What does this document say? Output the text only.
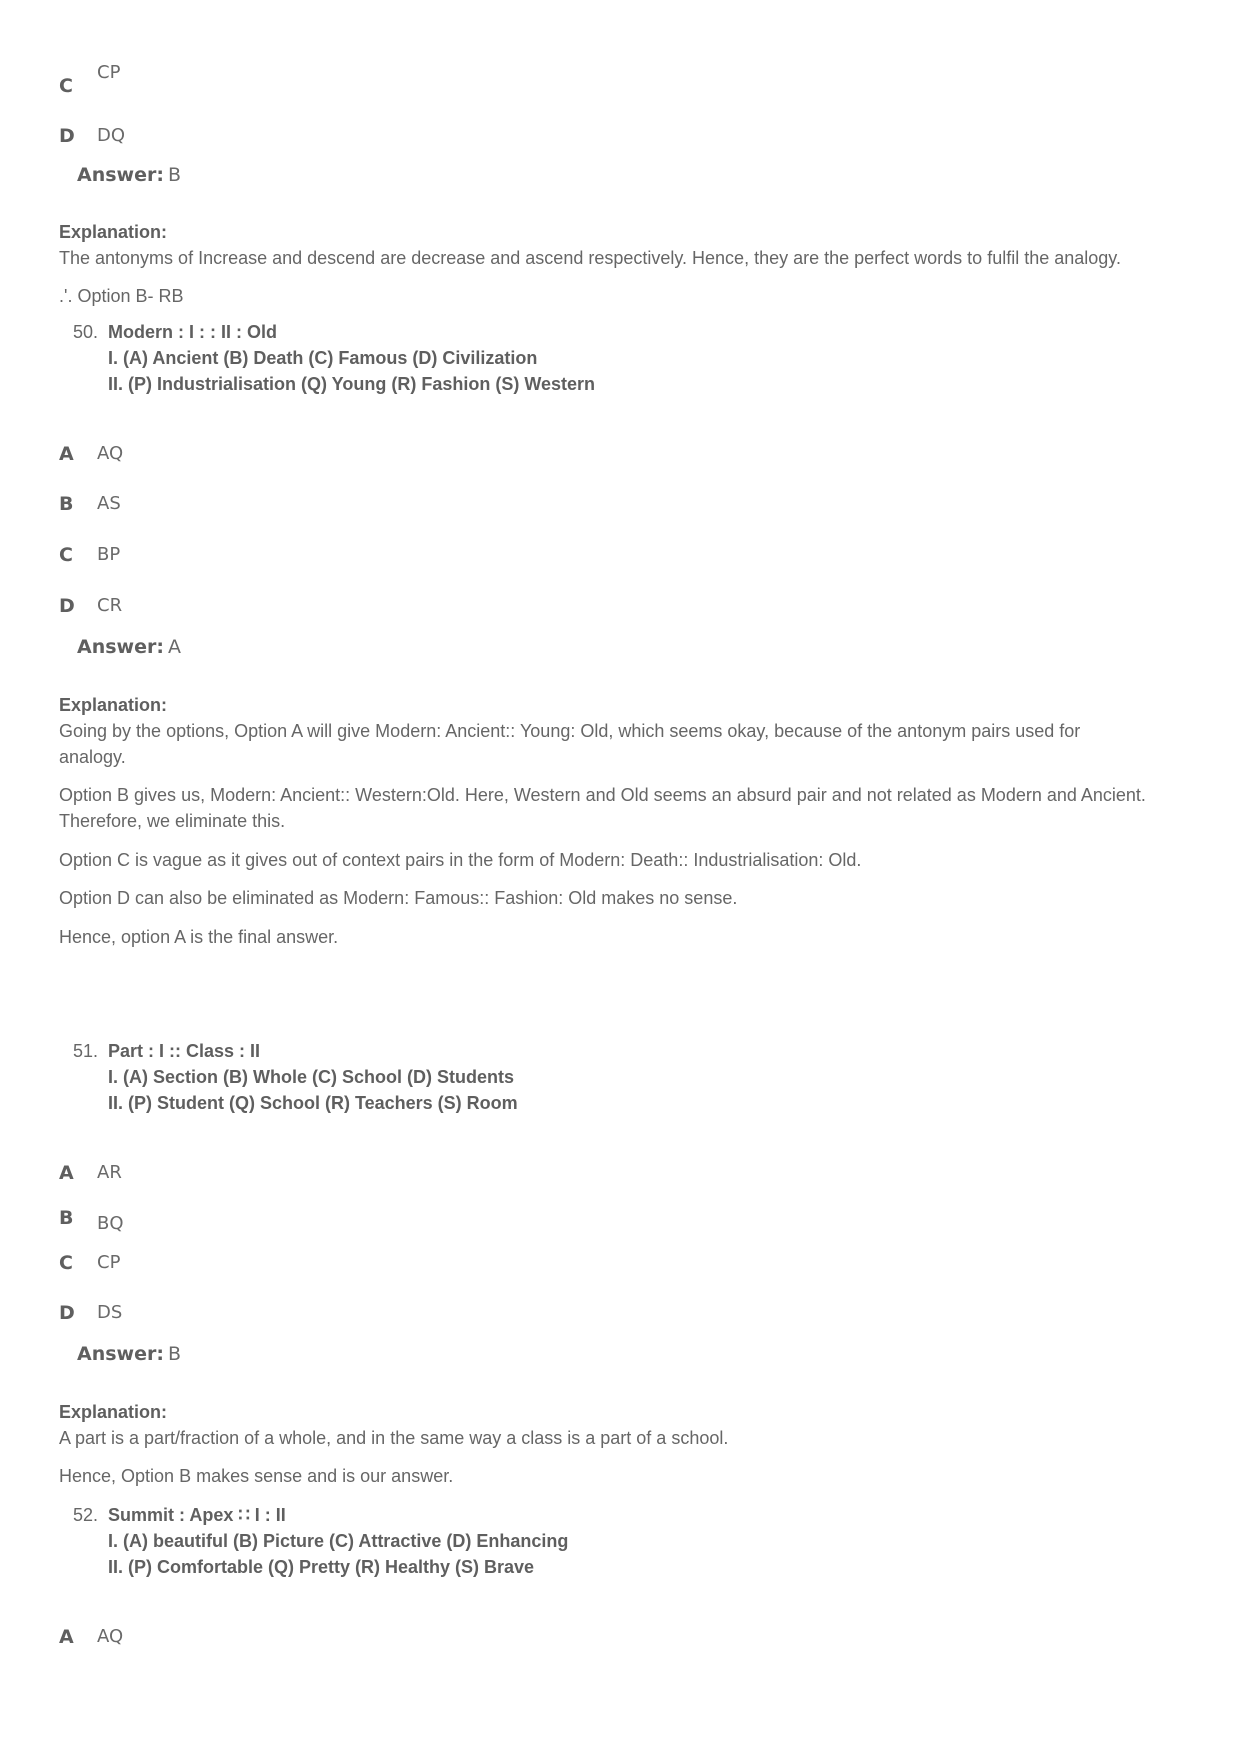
C
CP
D DQ
Answer: B
Explanation:
The antonyms of Increase and descend are decrease and ascend respectively. Hence, they are the perfect words to fulfil the analogy.
.'. Option B- RB
50. Modern : I : : II : Old
I. (A) Ancient (B) Death (C) Famous (D) Civilization
II. (P) Industrialisation (Q) Young (R) Fashion (S) Western
A AQ
B AS
C BP
D CR
Answer: A
Explanation:
Going by the options, Option A will give Modern: Ancient:: Young: Old, which seems okay, because of the antonym pairs used for
analogy.
Option B gives us, Modern: Ancient:: Western:Old. Here, Western and Old seems an absurd pair and not related as Modern and Ancient.
Therefore, we eliminate this.
Option C is vague as it gives out of context pairs in the form of Modern: Death:: Industrialisation: Old.
Option D can also be eliminated as Modern: Famous:: Fashion: Old makes no sense.
Hence, option A is the final answer.
51. Part : I :: Class : II
I. (A) Section (B) Whole (C) School (D) Students
II. (P) Student (Q) School (R) Teachers (S) Room
A AR
B BQ
C CP
D DS
Answer: B
Explanation:
A part is a part/fraction of a whole, and in the same way a class is a part of a school.
Hence, Option B makes sense and is our answer.
52. Summit : Apex ∷ I : II
I. (A) beautiful (B) Picture (C) Attractive (D) Enhancing
II. (P) Comfortable (Q) Pretty (R) Healthy (S) Brave
A AQ
